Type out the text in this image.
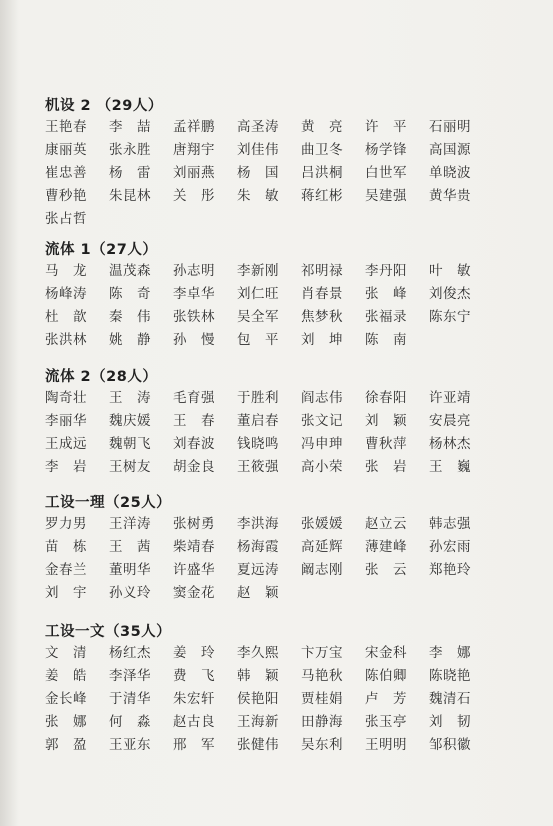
机设 2 （29人）
王艳春	李　喆	孟祥鹏	高圣涛	黄　亮	许　平	石丽明
康丽英	张永胜	唐翔宇	刘佳伟	曲卫冬	杨学锋	高国源
崔忠善	杨　雷	刘丽燕	杨　国	吕洪桐	白世军	单晓波
曹秒艳	朱昆林	关　彤	朱　敏	蒋红彬	吴建强	黄华贵
张占哲
流体 1（27人）
马　龙	温茂森	孙志明	李新刚	祁明禄	李丹阳	叶　敏
杨峰涛	陈　奇	李卓华	刘仁旺	肖春景	张　峰	刘俊杰
杜　歆	秦　伟	张铁林	吴全军	焦梦秋	张福录	陈东宁
张洪林	姚　静	孙　慢	包　平	刘　坤	陈　南
流体 2（28人）
陶奇壮	王　涛	毛育强	于胜利	阎志伟	徐春阳	许亚靖
李丽华	魏庆媛	王　春	董启春	张文记	刘　颖	安晨亮
王成远	魏朝飞	刘春波	钱晓鸣	冯申珅	曹秋萍	杨林杰
李　岩	王树友	胡金良	王筱强	高小荣	张　岩	王　巍
工设一理（25人）
罗力男	王洋涛	张树勇	李洪海	张媛媛	赵立云	韩志强
苗　栋	王　茜	柴靖春	杨海霞	高延辉	薄建峰	孙宏雨
金春兰	董明华	许盛华	夏远涛	阚志刚	张　云	郑艳玲
刘　宇	孙义玲	窦金花	赵　颖
工设一文（35人）
文　清	杨红杰	姜　玲	李久熙	卞万宝	宋金科	李　娜
姜　皓	李泽华	费　飞	韩　颖	马艳秋	陈伯卿	陈晓艳
金长峰	于清华	朱宏轩	侯艳阳	贾桂娟	卢　芳	魏清石
张　娜	何　淼	赵古良	王海新	田静海	张玉亭	刘　韧
郭　盈	王亚东	邢　军	张健伟	吴东利	王明明	邹积徽
